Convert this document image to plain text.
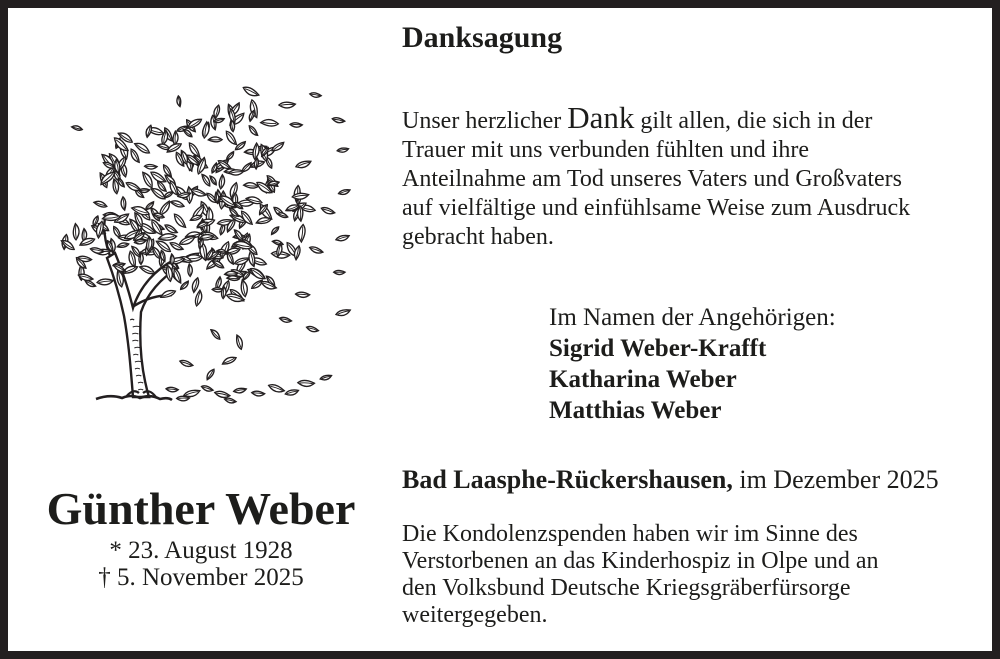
Danksagung
Unser herzlicher Dank gilt allen, die sich in der Trauer mit uns verbunden fühlten und ihre Anteilnahme am Tod unseres Vaters und Großvaters auf vielfältige und einfühlsame Weise zum Ausdruck gebracht haben.
Im Namen der Angehörigen:
Sigrid Weber-Krafft
Katharina Weber
Matthias Weber
Günther Weber
* 23. August 1928
† 5. November 2025
Bad Laasphe-Rückershausen, im Dezember 2025
Die Kondolenzspenden haben wir im Sinne des Verstorbenen an das Kinderhospiz in Olpe und an den Volksbund Deutsche Kriegsgräberfürsorge weitergegeben.
